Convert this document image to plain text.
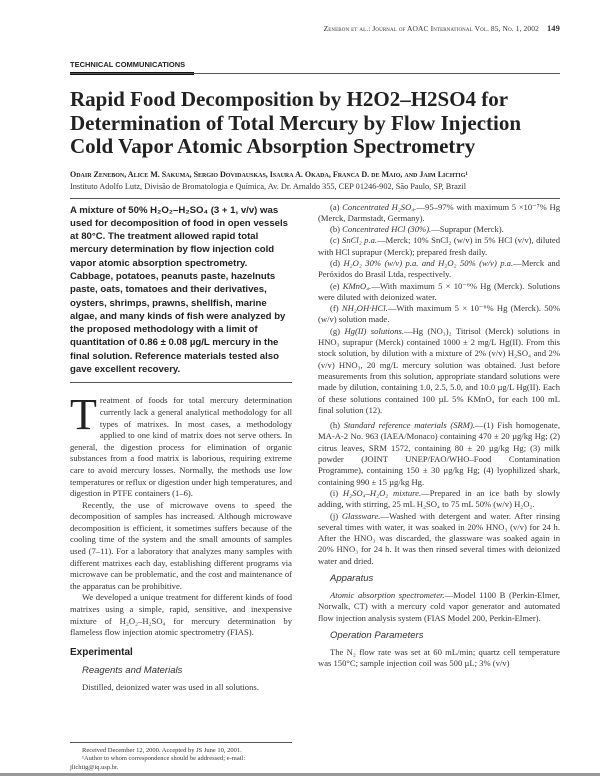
Zenebon et al.: Journal of AOAC International Vol. 85, No. 1, 2002 149
TECHNICAL COMMUNICATIONS
Rapid Food Decomposition by H2O2–H2SO4 for Determination of Total Mercury by Flow Injection Cold Vapor Atomic Absorption Spectrometry
Odair Zenebon, Alice M. Sakuma, Sergio Dovidauskas, Isaura A. Okada, Franca D. de Maio, and Jaim Lichtig¹
Instituto Adolfo Lutz, Divisão de Bromatologia e Química, Av. Dr. Arnaldo 355, CEP 01246-902, São Paulo, SP, Brazil
A mixture of 50% H₂O₂–H₂SO₄ (3 + 1, v/v) was used for decomposition of food in open vessels at 80°C. The treatment allowed rapid total mercury determination by flow injection cold vapor atomic absorption spectrometry. Cabbage, potatoes, peanuts paste, hazelnuts paste, oats, tomatoes and their derivatives, oysters, shrimps, prawns, shellfish, marine algae, and many kinds of fish were analyzed by the proposed methodology with a limit of quantitation of 0.86 ± 0.08 µg/L mercury in the final solution. Reference materials tested also gave excellent recovery.

Treatment of foods for total mercury determination currently lack a general analytical methodology for all types of matrixes. In most cases, a methodology applied to one kind of matrix does not serve others. In general, the digestion process for elimination of organic substances from a food matrix is laborious, requiring extreme care to avoid mercury losses. Normally, the methods use low temperatures or reflux or digestion under high temperatures, and digestion in PTFE containers (1–6).

Recently, the use of microwave ovens to speed the decomposition of samples has increased. Although microwave decomposition is efficient, it sometimes suffers because of the cooling time of the system and the small amounts of samples used (7–11). For a laboratory that analyzes many samples with different matrixes each day, establishing different programs via microwave can be problematic, and the cost and maintenance of the apparatus can be prohibitive.

We developed a unique treatment for different kinds of food matrixes using a simple, rapid, sensitive, and inexpensive mixture of H₂O₂–H₂SO₄ for mercury determination by flameless flow injection atomic spectrometry (FIAS).

Experimental
Reagents and Materials

Distilled, deionized water was used in all solutions.

Received December 12, 2000. Accepted by JS June 10, 2001.
¹Author to whom correspondence should be addressed; e-mail: jlichtig@iq.usp.br.

(a) Concentrated H₂SO₄.—95–97% with maximum 5 ×10⁻⁷% Hg (Merck, Darmstadt, Germany).

(b) Concentrated HCl (30%).—Suprapur (Merck).

(c) SnCl₂ p.a.—Merck; 10% SnCl₂ (w/v) in 5% HCl (v/v), diluted with HCl suprapur (Merck); prepared fresh daily.

(d) H₂O₂ 30% (w/v) p.a. and H₂O₂ 50% (w/v) p.a.—Merck and Peróxidos do Brasil Ltda, respectively.

(e) KMnO₄.—With maximum 5 × 10⁻⁶% Hg (Merck). Solutions were diluted with deionized water.

(f) NH₂OH·HCl.—With maximum 5 × 10⁻⁶% Hg (Merck). 50% (w/v) solution made.

(g) Hg(II) solutions.—Hg (NO₃)₂ Titrisol (Merck) solutions in HNO₃ suprapur (Merck) contained 1000 ± 2 mg/L Hg(II). From this stock solution, by dilution with a mixture of 2% (v/v) H₂SO₄ and 2% (v/v) HNO₃, 20 mg/L mercury solution was obtained. Just before measurements from this solution, appropriate standard solutions were made by dilution, containing 1.0, 2.5, 5.0, and 10.0 µg/L Hg(II). Each of these solutions contained 100 µL 5% KMnO₄ for each 100 mL final solution (12).

(h) Standard reference materials (SRM).—(1) Fish homogenate, MA-A-2 No. 963 (IAEA/Monaco) containing 470 ± 20 µg/kg Hg; (2) citrus leaves, SRM 1572, containing 80 ± 20 µg/kg Hg; (3) milk powder (JOINT UNEP/FAO/WHO–Food Contamination Programme), containing 150 ± 30 µg/kg Hg; (4) lyophilized shark, containing 990 ± 15 µg/kg Hg.

(i) H₂SO₄–H₂O₂ mixture.—Prepared in an ice bath by slowly adding, with stirring, 25 mL H₂SO₄ to 75 mL 50% (w/v) H₂O₂.

(j) Glassware.—Washed with detergent and water. After rinsing several times with water, it was soaked in 20% HNO₃ (v/v) for 24 h. After the HNO₃ was discarded, the glassware was soaked again in 20% HNO₃ for 24 h. It was then rinsed several times with deionized water and dried.

Apparatus

Atomic absorption spectrometer.—Model 1100 B (Perkin-Elmer, Norwalk, CT) with a mercury cold vapor generator and automated flow injection analysis system (FIAS Model 200, Perkin-Elmer).

Operation Parameters

The N₂ flow rate was set at 60 mL/min; quartz cell temperature was 150°C; sample injection coil was 500 µL; 3% (v/v)
